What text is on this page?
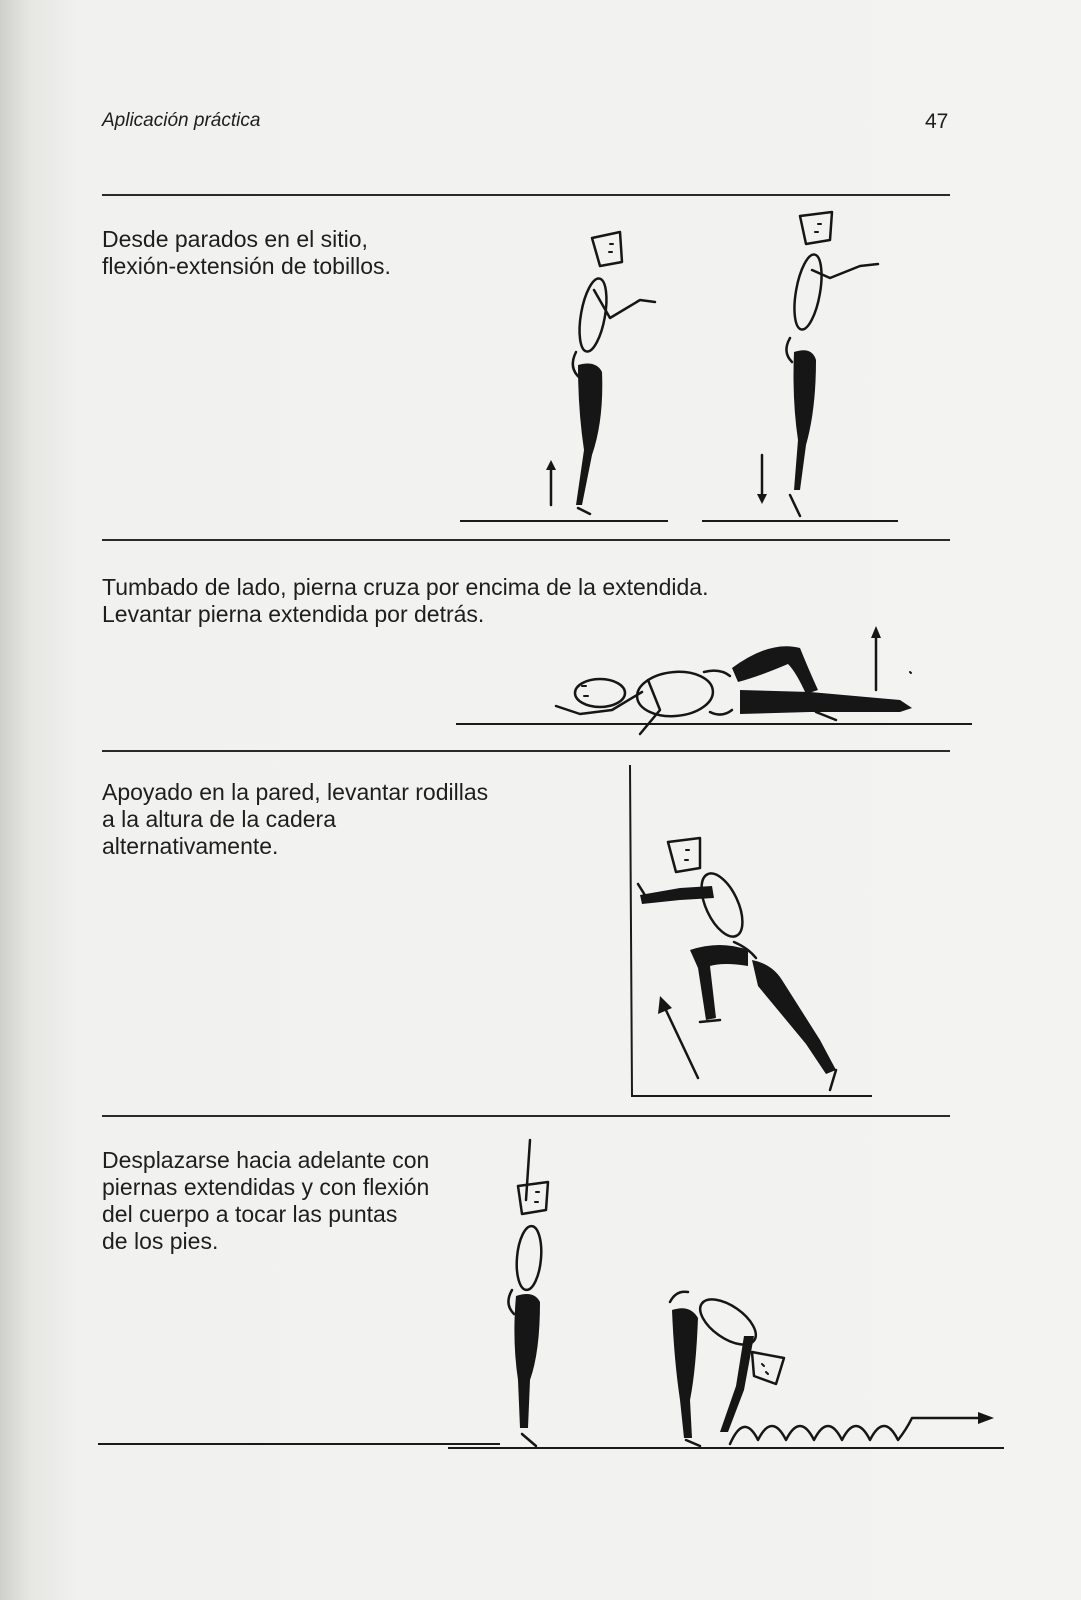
Aplicación práctica	47
Desde parados en el sitio,
flexión-extensión de tobillos.
Tumbado de lado, pierna cruza por encima de la extendida.
Levantar pierna extendida por detrás.
Apoyado en la pared, levantar rodillas
a la altura de la cadera
alternativamente.
Desplazarse hacia adelante con
piernas extendidas y con flexión
del cuerpo a tocar las puntas
de los pies.
